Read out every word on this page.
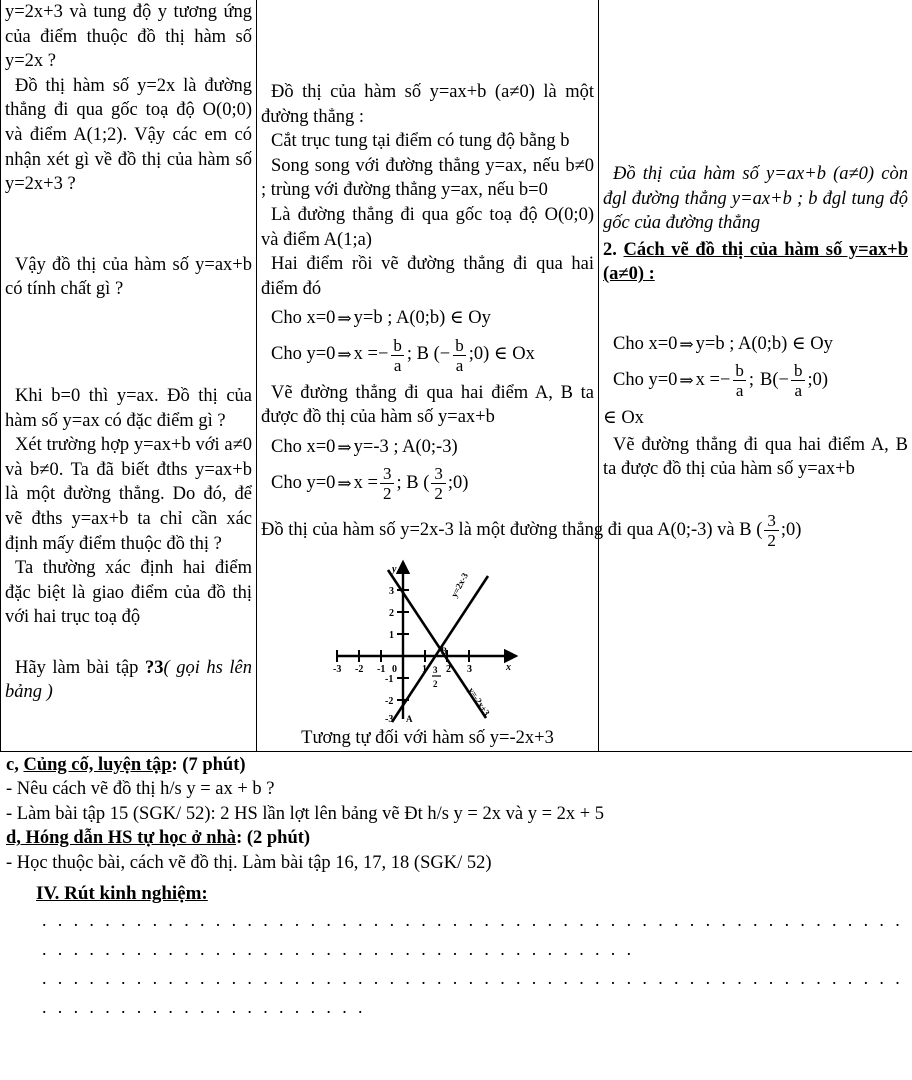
y=2x+3 và tung độ y tương ứng của điểm thuộc đồ thị hàm số y=2x ?

Đồ thị hàm số y=2x là đường thẳng đi qua gốc toạ độ O(0;0) và điểm A(1;2). Vậy các em có nhận xét gì về đồ thị của hàm số y=2x+3 ?

Vậy đồ thị của hàm số y=ax+b có tính chất gì ?

Khi b=0 thì y=ax. Đồ thị của hàm số y=ax có đặc điểm gì ?

Xét trường hợp y=ax+b với a≠0 và b≠0. Ta đã biết đths y=ax+b là một đường thẳng. Do đó, để vẽ đths y=ax+b ta chỉ cần xác định mấy điểm thuộc đồ thị ?

Ta thường xác định hai điểm đặc biệt là giao điểm của đồ thị với hai trục toạ độ

Hãy làm bài tập ?3( gọi hs lên bảng )

Đồ thị của hàm số y=ax+b (a≠0) là một đường thẳng :

Cắt trục tung tại điểm có tung độ bằng b

Song song với đường thẳng y=ax, nếu b≠0 ; trùng với đường thẳng y=ax, nếu b=0

Là đường thẳng đi qua gốc toạ độ O(0;0) và điểm A(1;a)

Hai điểm rồi vẽ đường thẳng đi qua hai điểm đó

Cho x=0 ⇒ y=b ; A(0;b) ∈ Oy
Cho y=0 ⇒ x = − $\frac{b}{a}$ ; B ( − $\frac{b}{a}$ ;0) ∈ Ox

Vẽ đường thẳng đi qua hai điểm A, B ta được đồ thị của hàm số y=ax+b

Cho x=0 ⇒ y=-3 ; A(0;-3)
Cho y=0 ⇒ $x = \frac{3}{2}$ ; B ( $\frac{3}{2}$ ;0)
Đồ thị của hàm số y=2x-3 là một đường thẳng đi qua A(0;-3) và B ( $\frac{3}{2}$ ;0)
-3 -2 -1 0	1 2 3	x
3
2
1
-1
-2
-3
y
B
A
3
2
y=2x-3
y=-2x+3

Tương tự đối với hàm số y=-2x+3

Đồ thị của hàm số y=ax+b (a≠0) còn đgl đường thẳng y=ax+b ; b đgl tung độ gốc của đường thẳng

2. Cách vẽ đồ thị của hàm số y=ax+b (a≠0) :

Cho x=0 ⇒ y=b ; A(0;b) ∈ Oy
Cho y=0 ⇒ x = − $\frac{b}{a}$ ; $B( - \frac{b}{a}$ ;0)

∈ Ox

Vẽ đường thẳng đi qua hai điểm A, B ta được đồ thị của hàm số y=ax+b

c, Củng cố, luyện tập: (7 phút)

- Nêu cách vẽ đồ thị h/s y = ax + b ?

- Làm bài tập 15 (SGK/ 52): 2 HS lần lợt lên bảng vẽ Đt h/s y = 2x và y = 2x + 5

d, Hóng dẫn HS tự học ở nhà: (2 phút)

- Học thuộc bài, cách vẽ đồ thị. Làm bài tập 16, 17, 18 (SGK/ 52)

IV. Rút kinh nghiệm:

. . . . . . . . . . . . . . . . . . . . . . . . . . . . . . . . . . . . . . . . . . . . . . . . . . . . . . . . . . . . . . . . . . . . . . . . . . . . . . . . . . . . . . . . . . . . .

. . . . . . . . . . . . . . . . . . . . . . . . . . . . . . . . . . . . . . . . . . . . . . . . . . . . . . . . . . . . . . . . . . . . . . . . . . . .
